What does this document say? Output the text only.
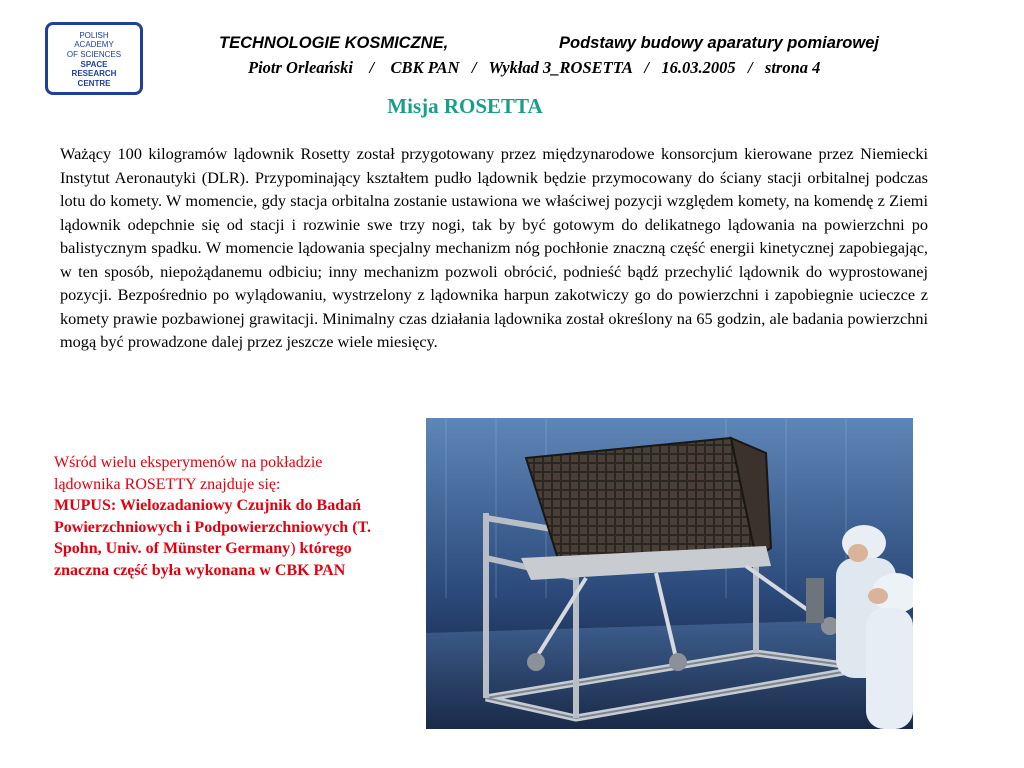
POLISH
ACADEMY
OF SCIENCES
SPACE
RESEARCH
CENTRE
TECHNOLOGIE KOSMICZNE,	Podstawy budowy aparatury pomiarowej
Piotr Orleański    /    CBK PAN   /   Wykład 3_ROSETTA   /   16.03.2005   /   strona 4
Misja ROSETTA

Ważący 100 kilogramów lądownik Rosetty został przygotowany przez międzynarodowe konsorcjum kierowane przez Niemiecki Instytut Aeronautyki (DLR). Przypominający kształtem pudło lądownik będzie przymocowany do ściany stacji orbitalnej podczas lotu do komety. W momencie, gdy stacja orbitalna zostanie ustawiona we właściwej pozycji względem komety, na komendę z Ziemi lądownik odepchnie się od stacji i rozwinie swe trzy nogi, tak by być gotowym do delikatnego lądowania na powierzchni po balistycznym spadku. W momencie lądowania specjalny mechanizm nóg pochłonie znaczną część energii kinetycznej zapobiegając, w ten sposób, niepożądanemu odbiciu; inny mechanizm pozwoli obrócić, podnieść bądź przechylić lądownik do wyprostowanej pozycji. Bezpośrednio po wylądowaniu, wystrzelony z lądownika harpun zakotwiczy go do powierzchni i zapobiegnie ucieczce z komety prawie pozbawionej grawitacji. Minimalny czas działania lądownika został określony na 65 godzin, ale badania powierzchni mogą być prowadzone dalej przez jeszcze wiele miesięcy.

Wśród wielu eksperymenów na pokładzie lądownika ROSETTY znajduje się:
MUPUS: Wielozadaniowy Czujnik do Badań Powierzchniowych i Podpowierzchniowych (T. Spohn, Univ. of Münster Germany) którego znaczna część była wykonana w CBK PAN
